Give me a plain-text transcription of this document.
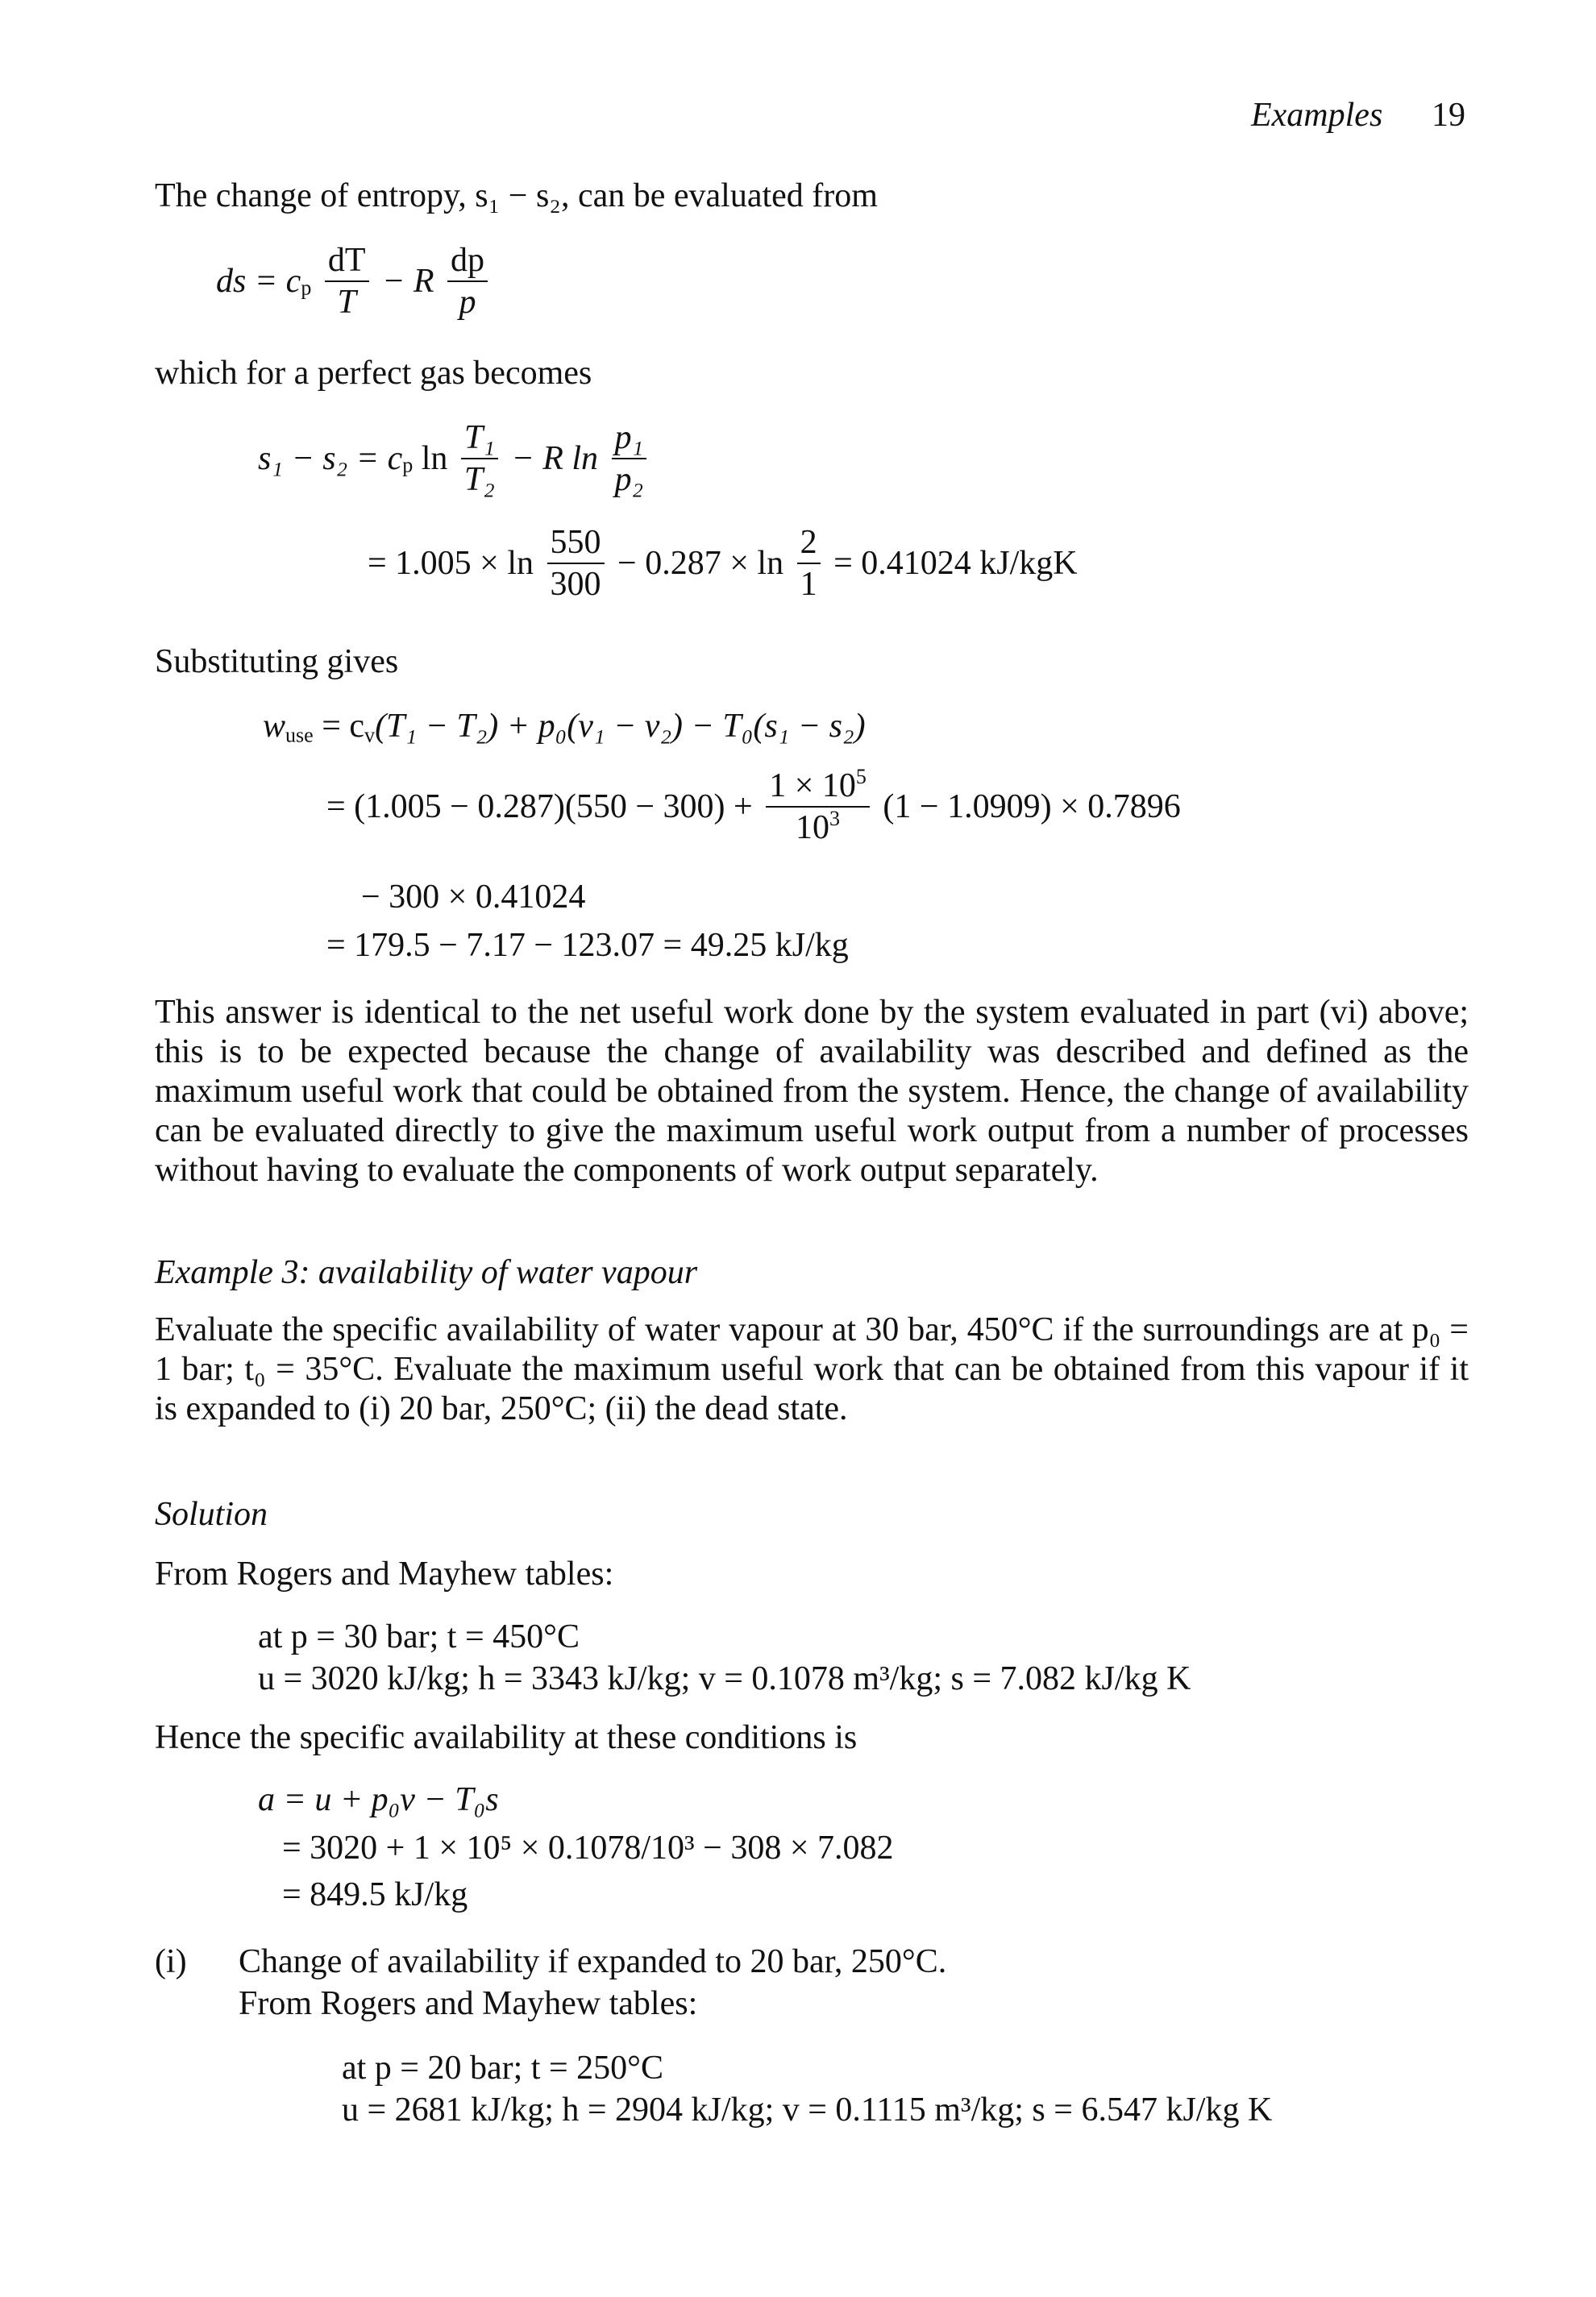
Examples 19
The change of entropy, s₁ − s₂, can be evaluated from
ds = $c_p \frac{dT}{T} - R \frac{dp}{p}$
which for a perfect gas becomes
$s_1 - s_2 = c_p$ $\ln \frac{\text{T₁}}{\text{T₂}} - R$ $\ln \frac{\text{p₁}}{\text{p₂}}$
= $1.005 \times \ln \frac{550}{300} - 0.287 \times \ln \frac{2}{1} = 0.41024$ kJ/kgK
Substituting gives
$w_{use} = c_v(T_1 - T_2) + p_0(v_1 - v_2) - T_0(s_1 - s_2)$
= $(1.005 - 0.287)(550 - 300) + \frac{1 \times 10^5}{10^3} (1 - 1.0909) \times 0.7896$
− 300 × 0.41024
= 179.5 − 7.17 − 123.07 = 49.25 kJ/kg
This answer is identical to the net useful work done by the system evaluated in part (vi) above; this is to be expected because the change of availability was described and defined as the maximum useful work that could be obtained from the system. Hence, the change of availability can be evaluated directly to give the maximum useful work output from a number of processes without having to evaluate the components of work output separately.
Example 3: availability of water vapour
Evaluate the specific availability of water vapour at 30 bar, 450°C if the surroundings are at p₀ = 1 bar; t₀ = 35°C. Evaluate the maximum useful work that can be obtained from this vapour if it is expanded to (i) 20 bar, 250°C; (ii) the dead state.
Solution
From Rogers and Mayhew tables:
at p = 30 bar; t = 450°C
u = 3020 kJ/kg; h = 3343 kJ/kg; v = 0.1078 m³/kg; s = 7.082 kJ/kg K
Hence the specific availability at these conditions is
a = u + p₀v − T₀s
= 3020 + 1 × 10⁵ × 0.1078/10³ − 308 × 7.082
= 849.5 kJ/kg
(i) Change of availability if expanded to 20 bar, 250°C.
From Rogers and Mayhew tables:
at p = 20 bar; t = 250°C
u = 2681 kJ/kg; h = 2904 kJ/kg; v = 0.1115 m³/kg; s = 6.547 kJ/kg K
